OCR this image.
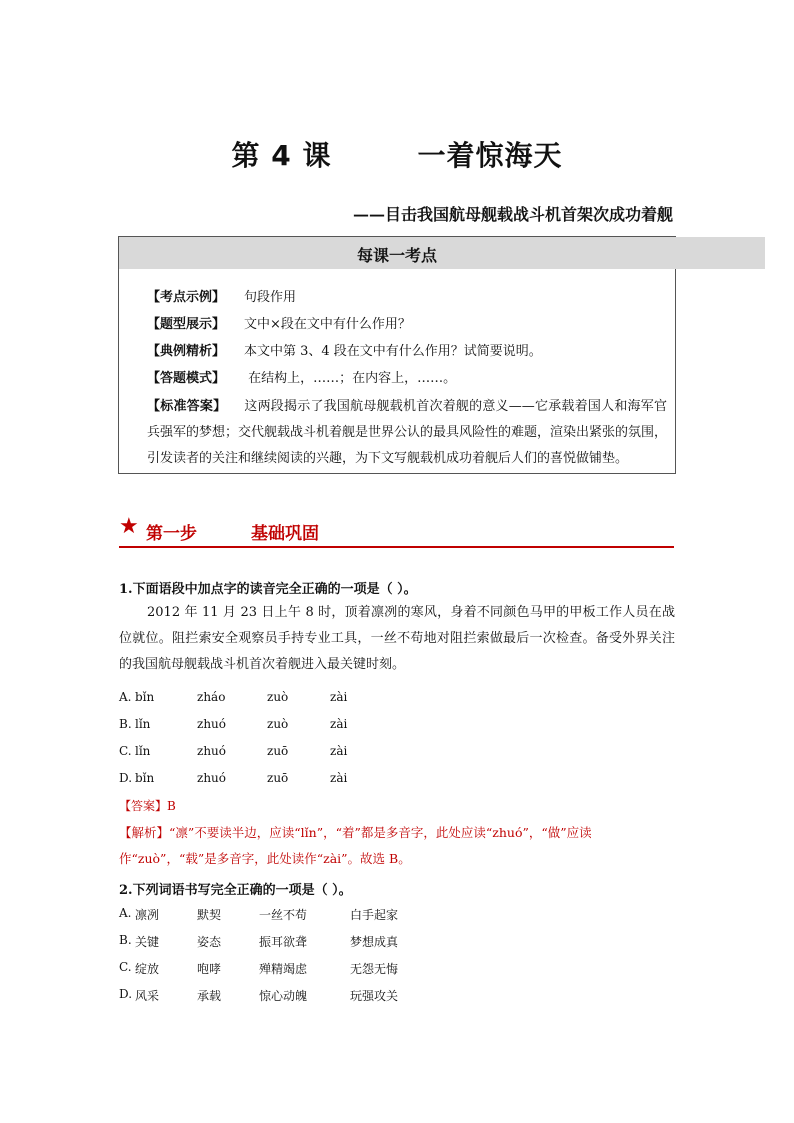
第 4 课        一着惊海天
——目击我国航母舰载战斗机首架次成功着舰
每课一考点
【考点示例】 句段作用
【题型展示】 文中×段在文中有什么作用？
【典例精析】 本文中第 3、4 段在文中有什么作用？试简要说明。
【答题模式】 在结构上，……；在内容上，……。
【标准答案】 这两段揭示了我国航母舰载机首次着舰的意义——它承载着国人和海军官兵强军的梦想；交代舰载战斗机着舰是世界公认的最具风险性的难题，渲染出紧张的氛围，引发读者的关注和继续阅读的兴趣，为下文写舰载机成功着舰后人们的喜悦做铺垫。
★ 第一步	基础巩固
1.下面语段中加点字的读音完全正确的一项是（ ）。
2012 年 11 月 23 日上午 8 时，顶着凛冽的寒风，身着不同颜色马甲的甲板工作人员在战位就位。阻拦索安全观察员手持专业工具，一丝不苟地对阻拦索做最后一次检查。备受外界关注的我国航母舰载战斗机首次着舰进入最关键时刻。
A. bǐn	zháo	zuò	zài
B. lǐn	zhuó	zuò	zài
C. lǐn	zhuó	zuō	zài
D. bǐn	zhuó	zuō	zài
【答案】B
【解析】“凛”不要读半边，应读“lǐn”，“着”都是多音字，此处应读“zhuó”，“做”应读作“zuò”，“载”是多音字，此处读作“zài”。故选 B。
2.下列词语书写完全正确的一项是（ ）。
A. 凛冽	默契	一丝不苟	白手起家
B. 关键	姿态	振耳欲聋	梦想成真
C. 绽放	咆哮	殚精竭虑	无怨无悔
D. 风采	承载	惊心动魄	玩强攻关
